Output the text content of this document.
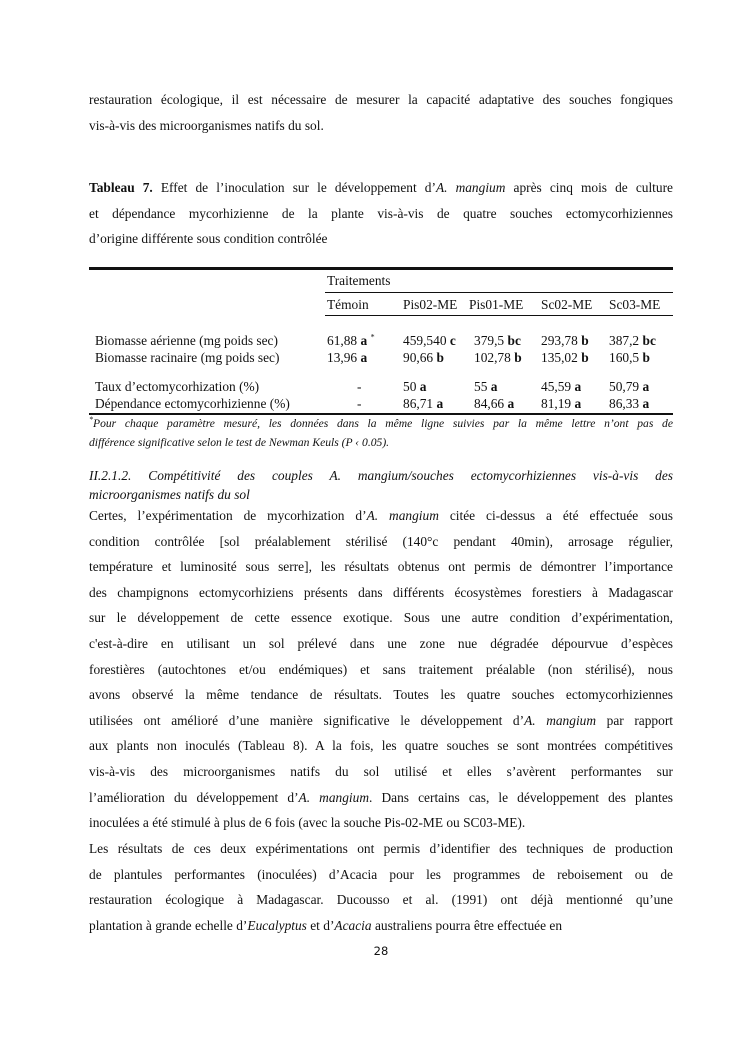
restauration écologique, il est nécessaire de mesurer la capacité adaptative des souches fongiques
vis-à-vis des microorganismes natifs du sol.
Tableau 7. Effet de l’inoculation sur le développement d’A. mangium après cinq mois de culture
et dépendance mycorhizienne de la plante vis-à-vis de quatre souches ectomycorhiziennes
d’origine différente sous condition contrôlée
Traitements
Témoin	Pis02-ME Pis01-ME Sc02-ME Sc03-ME
Biomasse aérienne (mg poids sec)	61,88 a * 459,540 c 379,5 bc 293,78 b 387,2 bc
Biomasse racinaire (mg poids sec)	13,96 a	90,66 b 102,78 b 135,02 b 160,5 b
Taux d’ectomycorhization (%)	-	50 a	55 a	45,59 a 50,79 a
Dépendance ectomycorhizienne (%)	-	86,71 a 84,66 a 81,19 a 86,33 a
*Pour chaque paramètre mesuré, les données dans la même ligne suivies par la même lettre n’ont pas de
différence significative selon le test de Newman Keuls (P ‹ 0.05).
II.2.1.2. Compétitivité des couples A. mangium/souches ectomycorhiziennes vis-à-vis des
microorganismes natifs du sol
Certes, l’expérimentation de mycorhization d’A. mangium citée ci-dessus a été effectuée sous
condition contrôlée [sol préalablement stérilisé (140°c pendant 40min), arrosage régulier,
température et luminosité sous serre], les résultats obtenus ont permis de démontrer l’importance
des champignons ectomycorhiziens présents dans différents écosystèmes forestiers à Madagascar
sur le développement de cette essence exotique. Sous une autre condition d’expérimentation,
c'est-à-dire en utilisant un sol prélevé dans une zone nue dégradée dépourvue d’espèces
forestières (autochtones et/ou endémiques) et sans traitement préalable (non stérilisé), nous
avons observé la même tendance de résultats. Toutes les quatre souches ectomycorhiziennes
utilisées ont amélioré d’une manière significative le développement d’A. mangium par rapport
aux plants non inoculés (Tableau 8). A la fois, les quatre souches se sont montrées compétitives
vis-à-vis des microorganismes natifs du sol utilisé et elles s’avèrent performantes sur
l’amélioration du développement d’A. mangium. Dans certains cas, le développement des plantes
inoculées a été stimulé à plus de 6 fois (avec la souche Pis-02-ME ou SC03-ME).
Les résultats de ces deux expérimentations ont permis d’identifier des techniques de production
de plantules performantes (inoculées) d’Acacia pour les programmes de reboisement ou de
restauration écologique à Madagascar. Ducousso et al. (1991) ont déjà mentionné qu’une
plantation à grande echelle d’Eucalyptus et d’Acacia australiens pourra être effectuée en
28
